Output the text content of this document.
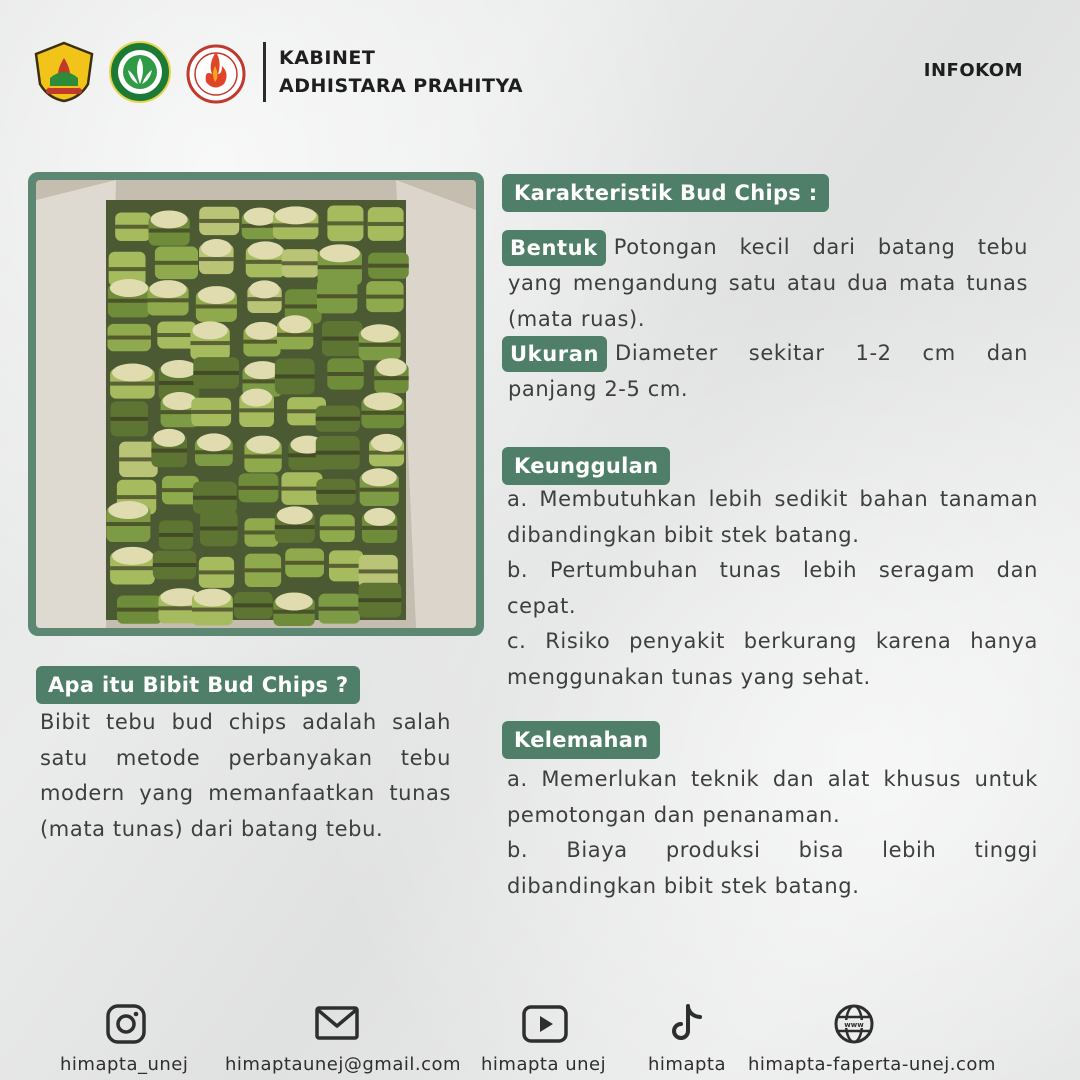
KABINET
ADHISTARA PRAHITYA
INFOKOM
Karakteristik Bud Chips :
Bentuk Potongan kecil dari batang tebu yang mengandung satu atau dua mata tunas (mata ruas).
Ukuran Diameter sekitar 1-2 cm dan panjang 2-5 cm.
Keunggulan
a. Membutuhkan lebih sedikit bahan tanaman dibandingkan bibit stek batang.
b. Pertumbuhan tunas lebih seragam dan cepat.
c. Risiko penyakit berkurang karena hanya menggunakan tunas yang sehat.
Kelemahan
a. Memerlukan teknik dan alat khusus untuk pemotongan dan penanaman.
b. Biaya produksi bisa lebih tinggi dibandingkan bibit stek batang.
Apa itu Bibit Bud Chips ?
Bibit tebu bud chips adalah salah satu metode perbanyakan tebu modern yang memanfaatkan tunas (mata tunas) dari batang tebu.
himapta_unej himaptaunej@gmail.com himapta unej himapta
www
himapta-faperta-unej.com
